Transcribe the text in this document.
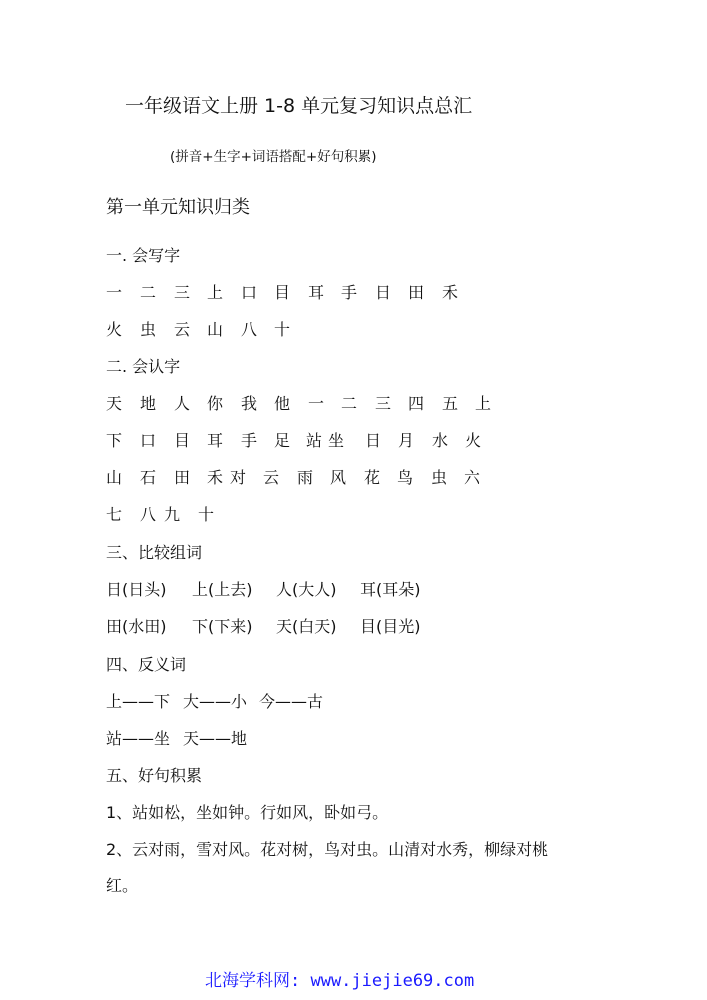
一年级语文上册 1-8 单元复习知识点总汇
(拼音+生字+词语搭配+好句积累)
第一单元知识归类
一. 会写字
一 二 三 上 口 目 耳 手 日 田 禾
火 虫 云 山 八 十
二. 会认字
天 地 人 你 我 他 一 二 三 四 五 上
下 口 目 耳 手 足 站 坐 日 月 水 火
山 石 田 禾 对 云 雨 风 花 鸟 虫 六
七 八 九 十
三、比较组词
日(日头) 上(上去) 人(大人) 耳(耳朵)
田(水田) 下(下来) 天(白天) 目(目光)
四、反义词
上——下 大——小 今——古
站——坐 天——地
五、好句积累
1、站如松，坐如钟。行如风，卧如弓。
2、云对雨，雪对风。花对树，鸟对虫。山清对水秀，柳绿对桃
红。
北海学科网: www.jiejie69.com
